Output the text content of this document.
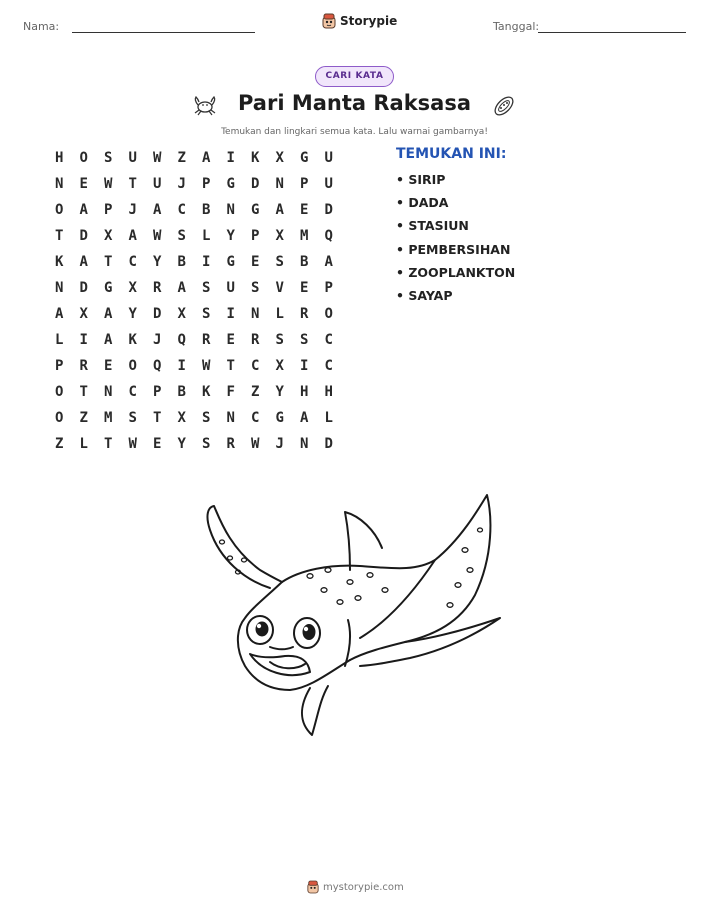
Nama:	Storypie	Tanggal:
CARI KATA
Pari Manta Raksasa
Temukan dan lingkari semua kata. Lalu warnai gambarnya!
H	O	S	U	W	Z	A	I	K	X	G	U
N	E	W	T	U	J	P	G	D	N	P	U
O	A	P	J	A	C	B	N	G	A	E	D
T	D	X	A	W	S	L	Y	P	X	M	Q
K	A	T	C	Y	B	I	G	E	S	B	A
N	D	G	X	R	A	S	U	S	V	E	P
A	X	A	Y	D	X	S	I	N	L	R	O
L	I	A	K	J	Q	R	E	R	S	S	C
P	R	E	O	Q	I	W	T	C	X	I	C
O	T	N	C	P	B	K	F	Z	Y	H	H
O	Z	M	S	T	X	S	N	C	G	A	L
Z	L	T	W	E	Y	S	R	W	J	N	D
TEMUKAN INI:
• SIRIP
• DADA
• STASIUN
• PEMBERSIHAN
• ZOOPLANKTON
• SAYAP
mystorypie.com
